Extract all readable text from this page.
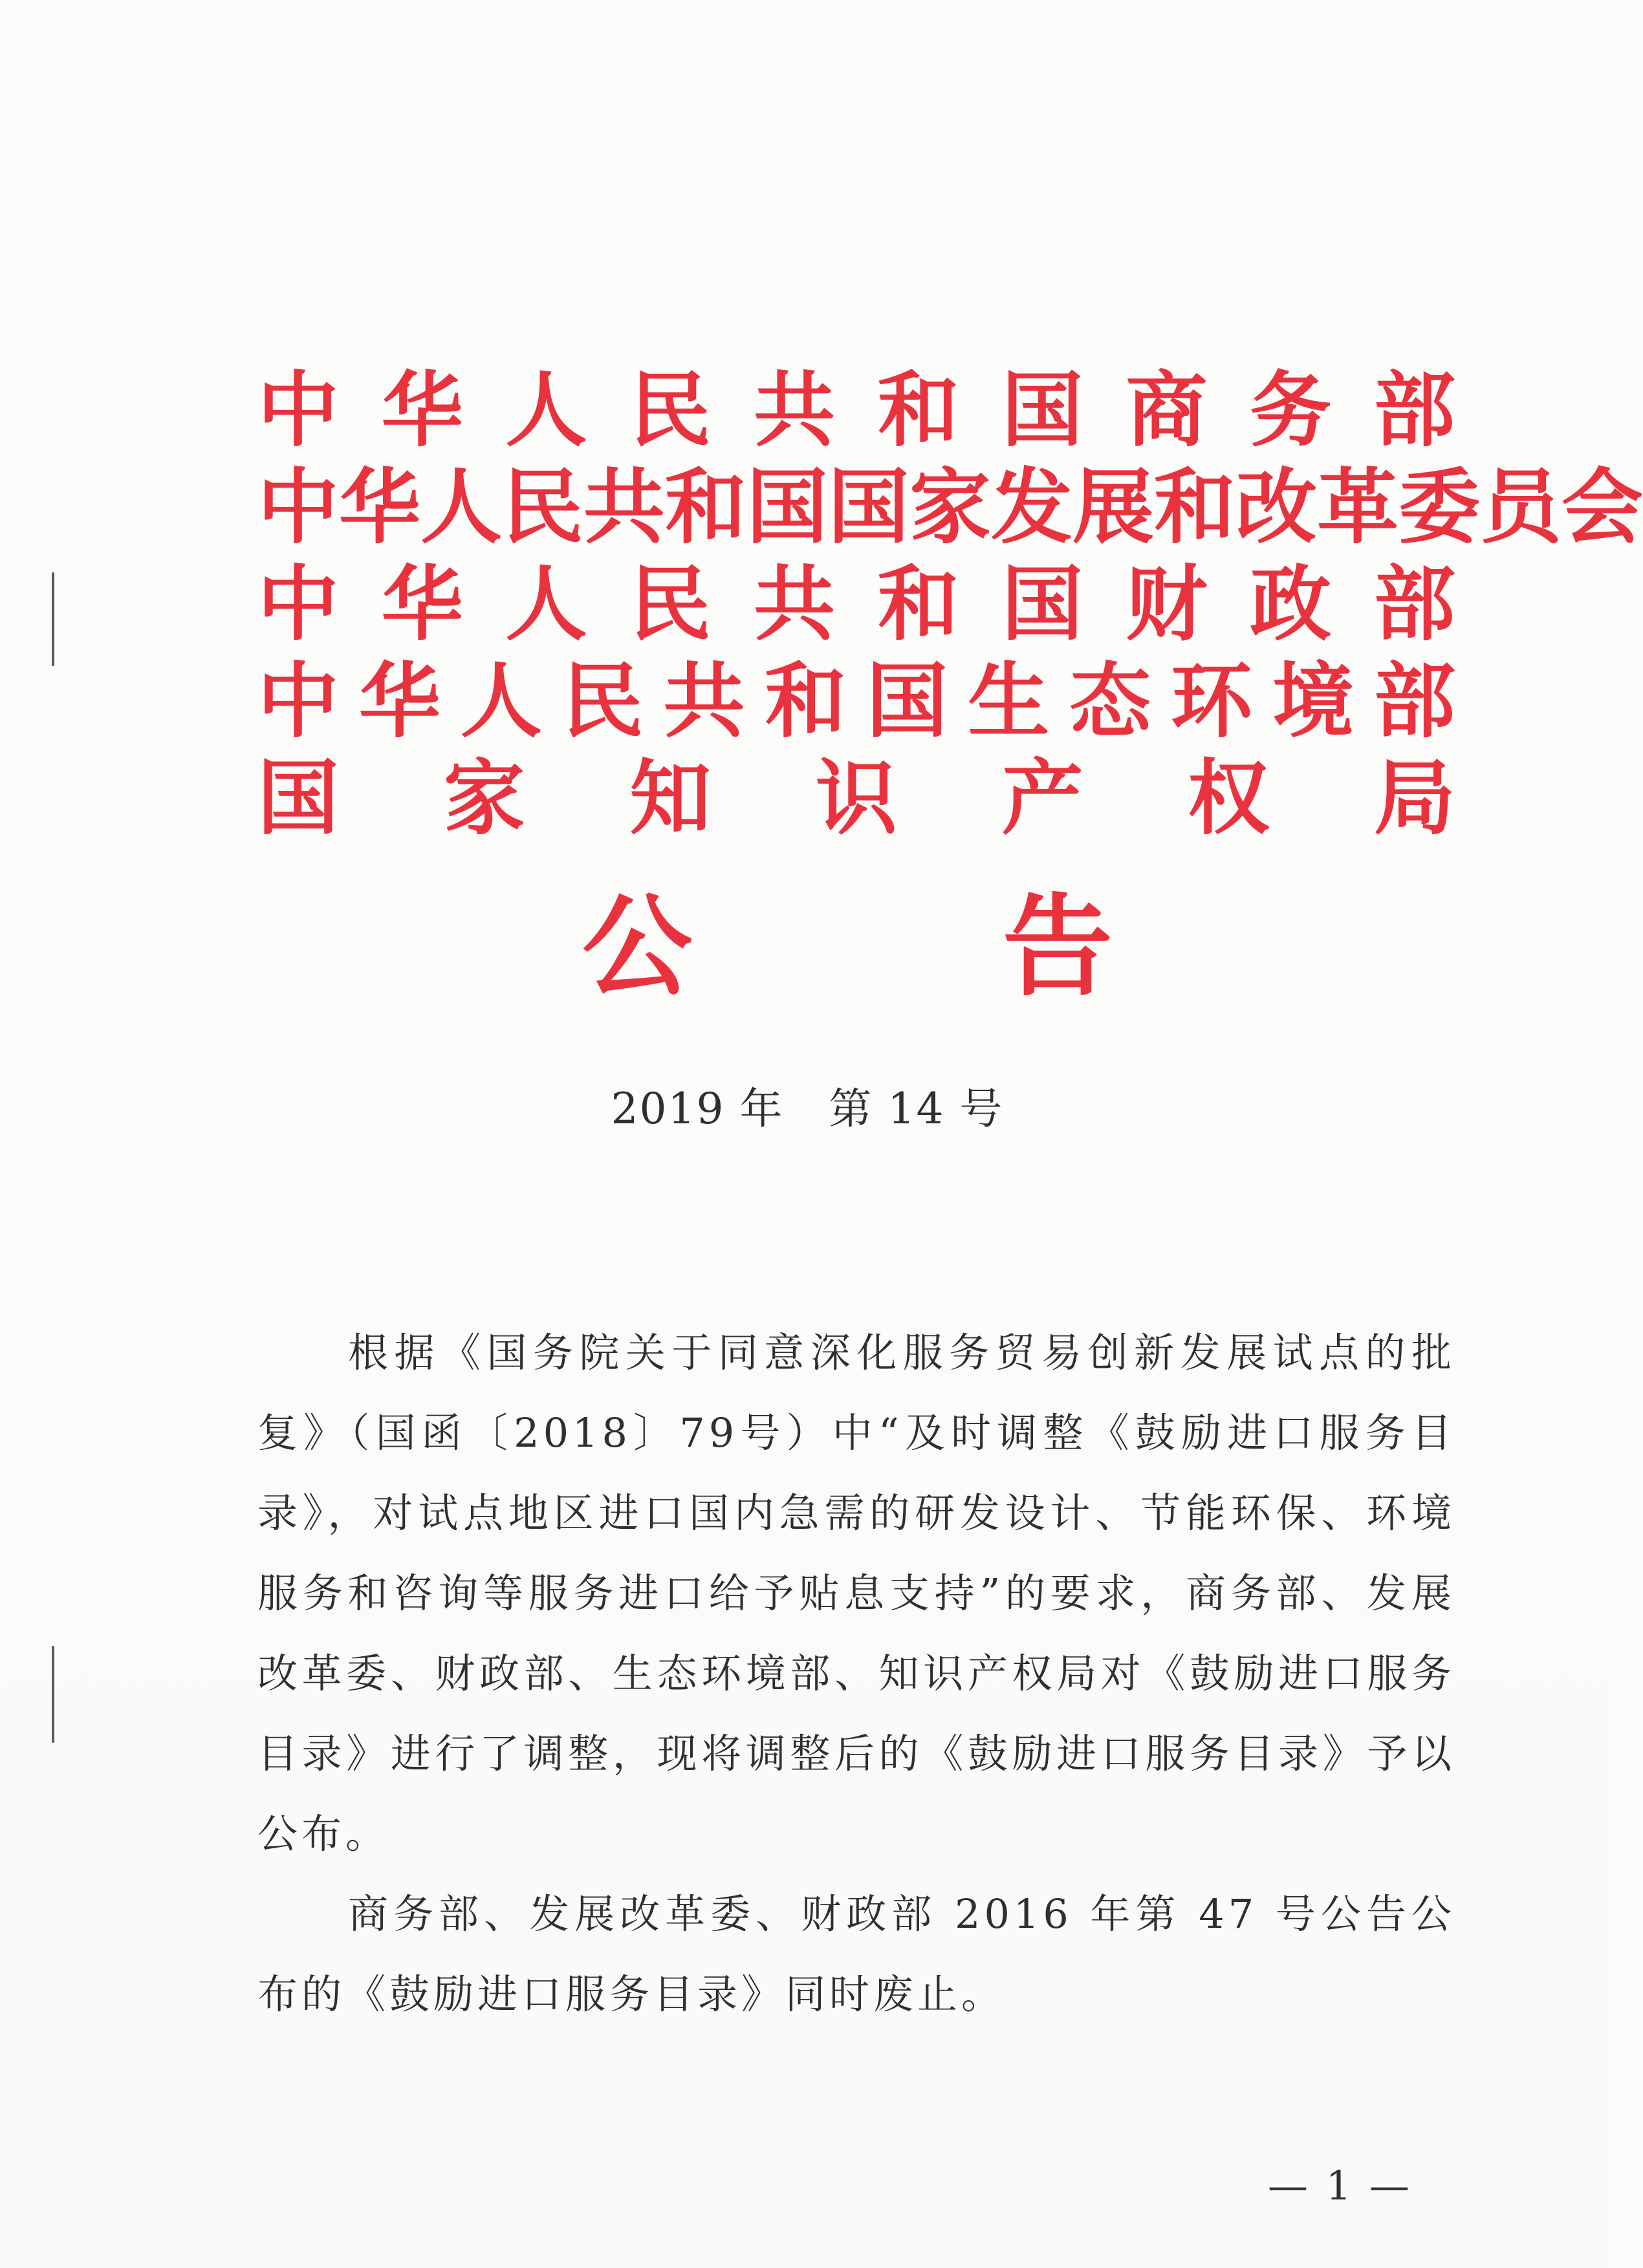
中 华 人 民 共 和 国 商 务 部
中 华 人 民 共 和 国 国 家 发 展 和 改 革 委 员 会
中 华 人 民 共 和 国 财 政 部
中 华 人 民 共 和 国 生 态 环 境 部
国 家 知 识 产 权 局
公	告
2019 年 第 14 号

根据《国务院关于同意深化服务贸易创新发展试点的批复》（国函〔2018〕79号）中“及时调整《鼓励进口服务目录》，对试点地区进口国内急需的研发设计、节能环保、环境服务和咨询等服务进口给予贴息支持”的要求，商务部、发展改革委、财政部、生态环境部、知识产权局对《鼓励进口服务目录》进行了调整，现将调整后的《鼓励进口服务目录》予以公布。

商务部、发展改革委、财政部 2016 年第 47 号公告公布的《鼓励进口服务目录》同时废止。

— 1 —
